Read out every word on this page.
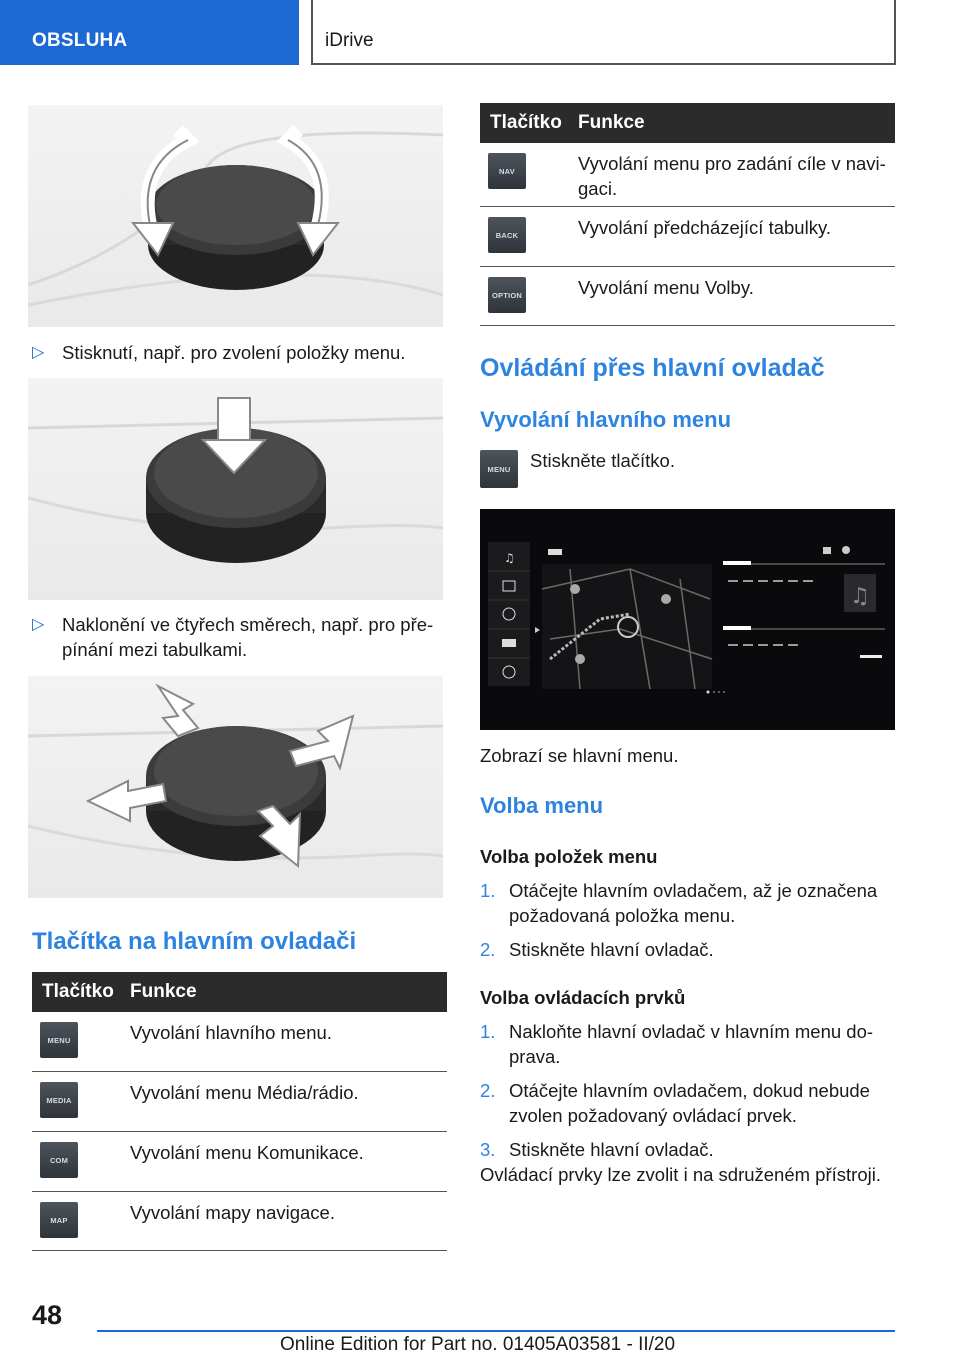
OBSLUHA	iDrive
▷ Stisknutí, např. pro zvolení položky menu.
▷ Naklonění ve čtyřech směrech, např. pro pře-pínání mezi tabulkami.
Tlačítka na hlavním ovladači
Tlačítko Funkce
MENU	Vyvolání hlavního menu.
MEDIA	Vyvolání menu Média/rádio.
COM	Vyvolání menu Komunikace.
MAP	Vyvolání mapy navigace.
Tlačítko Funkce
NAV	Vyvolání menu pro zadání cíle v navi-gaci.
BACK	Vyvolání předcházející tabulky.
OPTION	Vyvolání menu Volby.
Ovládání přes hlavní ovladač
Vyvolání hlavního menu
MENU	Stiskněte tlačítko.
♫
♫
Zobrazí se hlavní menu.
Volba menu
Volba položek menu
1. Otáčejte hlavním ovladačem, až je označena požadovaná položka menu.
2. Stiskněte hlavní ovladač.
Volba ovládacích prvků
1. Nakloňte hlavní ovladač v hlavním menu do-prava.
2. Otáčejte hlavním ovladačem, dokud nebude zvolen požadovaný ovládací prvek.
3. Stiskněte hlavní ovladač.
Ovládací prvky lze zvolit i na sdruženém přístroji.
48
Online Edition for Part no. 01405A03581 - II/20
